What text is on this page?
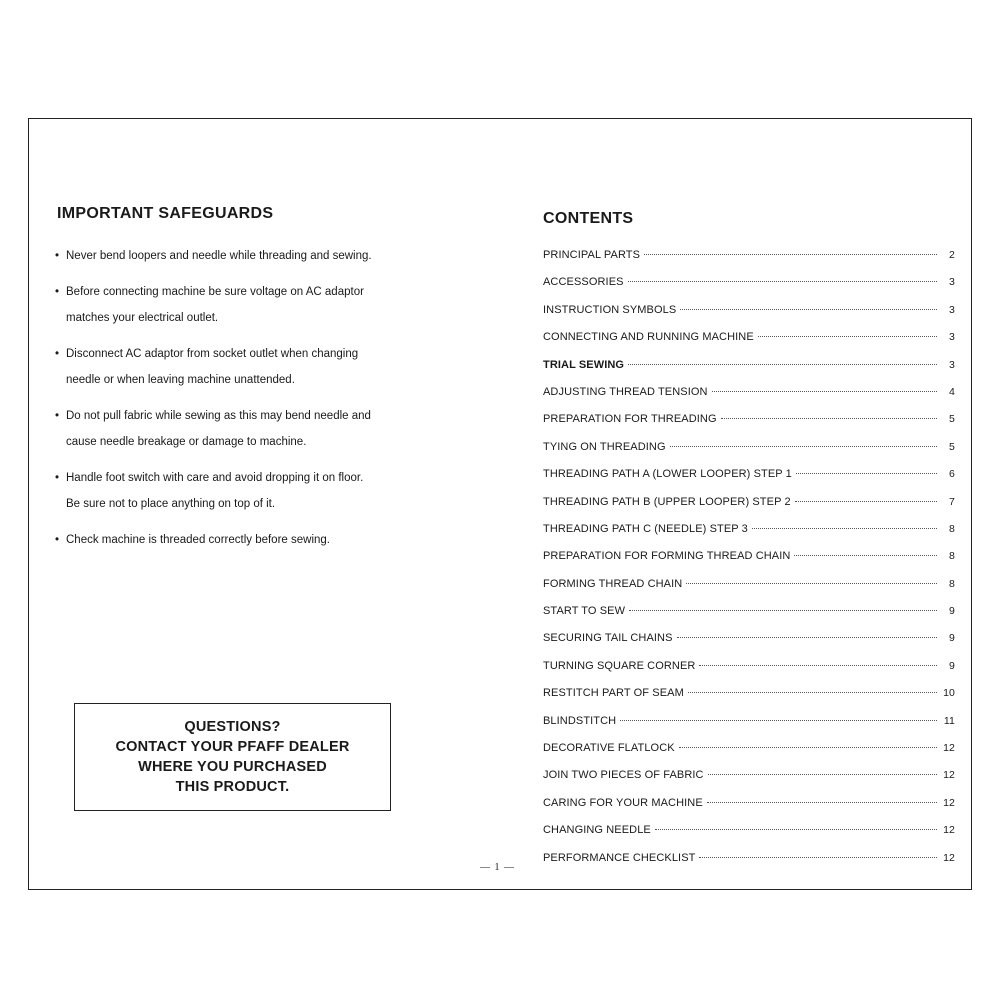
IMPORTANT SAFEGUARDS
• Never bend loopers and needle while threading and sewing.
• Before connecting machine be sure voltage on AC adaptor matches your electrical outlet.
• Disconnect AC adaptor from socket outlet when changing needle or when leaving machine unattended.
• Do not pull fabric while sewing as this may bend needle and cause needle breakage or damage to machine.
• Handle foot switch with care and avoid dropping it on floor. Be sure not to place anything on top of it.
• Check machine is threaded correctly before sewing.
QUESTIONS?
CONTACT YOUR PFAFF DEALER
WHERE YOU PURCHASED
THIS PRODUCT.
CONTENTS
PRINCIPAL PARTS	2
ACCESSORIES	3
INSTRUCTION SYMBOLS	3
CONNECTING AND RUNNING MACHINE	3
TRIAL SEWING	3
ADJUSTING THREAD TENSION	4
PREPARATION FOR THREADING	5
TYING ON THREADING	5
THREADING PATH A (LOWER LOOPER) STEP 1	6
THREADING PATH B (UPPER LOOPER) STEP 2	7
THREADING PATH C (NEEDLE) STEP 3	8
PREPARATION FOR FORMING THREAD CHAIN	8
FORMING THREAD CHAIN	8
START TO SEW	9
SECURING TAIL CHAINS	9
TURNING SQUARE CORNER	9
RESTITCH PART OF SEAM	10
BLINDSTITCH	11
DECORATIVE FLATLOCK	12
JOIN TWO PIECES OF FABRIC	12
CARING FOR YOUR MACHINE	12
CHANGING NEEDLE	12
PERFORMANCE CHECKLIST	12
— 1 —
